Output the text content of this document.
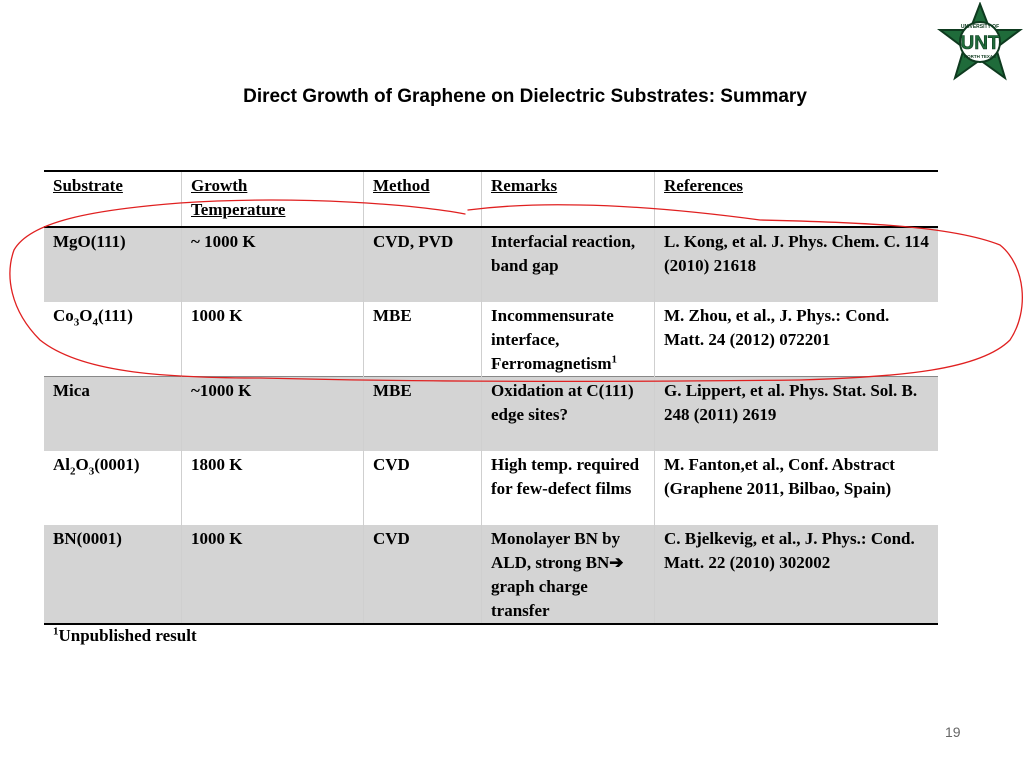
Direct Growth of Graphene on Dielectric Substrates: Summary
UNIVERSITY OF
UNT
NORTH TEXAS
Substrate	Growth
Temperature	Method	Remarks	References
MgO(111)	~ 1000 K	CVD, PVD	Interfacial reaction, band gap	L. Kong, et al. J. Phys. Chem. C. 114 (2010) 21618
$Co_3O_4(111)$	1000 K	MBE	Incommensurate interface, Ferromagnetism$^1$	M. Zhou, et al., J. Phys.: Cond. Matt. 24 (2012) 072201
Mica	~1000 K	MBE	Oxidation at C(111) edge sites?	G. Lippert, et al. Phys. Stat. Sol. B. 248 (2011) 2619
$Al_2O_3(0001)$	1800 K	CVD	High temp. required for few-defect films	M. Fanton,et al., Conf. Abstract (Graphene 2011, Bilbao, Spain)
BN(0001)	1000 K	CVD	Monolayer BN by ALD, strong BN➔ graph charge transfer	C. Bjelkevig, et al., J. Phys.: Cond. Matt. 22 (2010) 302002
$^1$Unpublished result
19
